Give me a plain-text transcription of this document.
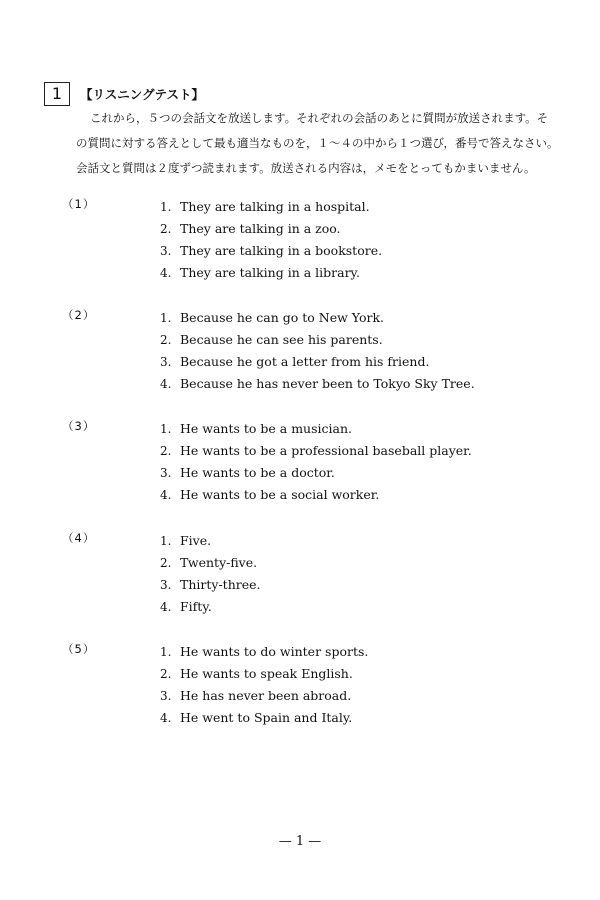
1	【リスニングテスト】

これから，５つの会話文を放送します。それぞれの会話のあとに質問が放送されます。そ
の質問に対する答えとして最も適当なものを，１～４の中から１つ選び，番号で答えなさい。
会話文と質問は２度ずつ読まれます。放送される内容は，メモをとってもかまいません。

（1）	1. They are talking in a hospital.
2. They are talking in a zoo.
3. They are talking in a bookstore.
4. They are talking in a library.
（2）	1. Because he can go to New York.
2. Because he can see his parents.
3. Because he got a letter from his friend.
4. Because he has never been to Tokyo Sky Tree.
（3）	1. He wants to be a musician.
2. He wants to be a professional baseball player.
3. He wants to be a doctor.
4. He wants to be a social worker.
（4）	1. Five.
2. Twenty-five.
3. Thirty-three.
4. Fifty.
（5）	1. He wants to do winter sports.
2. He wants to speak English.
3. He has never been abroad.
4. He went to Spain and Italy.
— 1 —
